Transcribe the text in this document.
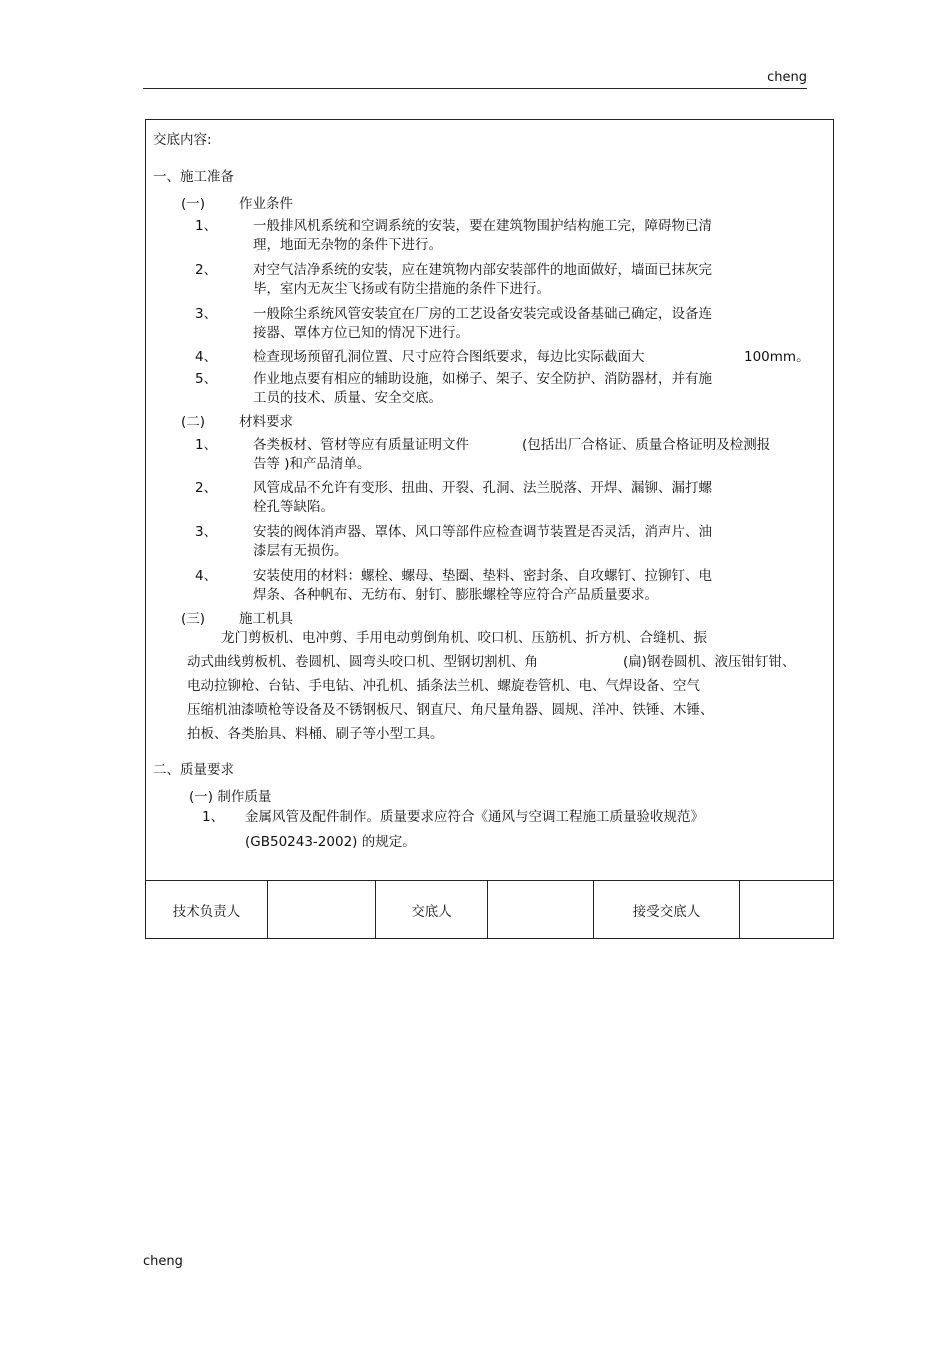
cheng
交底内容:
一、施工准备
(一)	作业条件
1、	一般排风机系统和空调系统的安装，要在建筑物围护结构施工完，障碍物已清
理，地面无杂物的条件下进行。
2、	对空气洁净系统的安装，应在建筑物内部安装部件的地面做好，墙面已抹灰完
毕，室内无灰尘飞扬或有防尘措施的条件下进行。
3、	一般除尘系统风管安装宜在厂房的工艺设备安装完或设备基础己确定，设备连
接器、罩体方位已知的情况下进行。
4、	检查现场预留孔洞位置、尺寸应符合图纸要求，每边比实际截面大	100mm。
5、	作业地点要有相应的辅助设施，如梯子、架子、安全防护、消防器材，并有施
工员的技术、质量、安全交底。
(二)	材料要求
1、	各类板材、管材等应有质量证明文件	(包括出厂合格证、质量合格证明及检测报
告等 )和产品清单。
2、	风管成品不允许有变形、扭曲、开裂、孔洞、法兰脱落、开焊、漏铆、漏打螺
栓孔等缺陷。
3、	安装的阀体消声器、罩体、风口等部件应检查调节装置是否灵活，消声片、油
漆层有无损伤。
4、	安装使用的材料：螺栓、螺母、垫圈、垫料、密封条、自攻螺钉、拉铆钉、电
焊条、各种帆布、无纺布、射钉、膨胀螺栓等应符合产品质量要求。
(三)	施工机具
龙门剪板机、电冲剪、手用电动剪倒角机、咬口机、压筋机、折方机、合缝机、振
动式曲线剪板机、卷圆机、圆弯头咬口机、型钢切割机、角	(扁)钢卷圆机、液压钳钉钳、
电动拉铆枪、台钻、手电钻、冲孔机、插条法兰机、螺旋卷管机、电、气焊设备、空气
压缩机油漆喷枪等设备及不锈钢板尺、钢直尺、角尺量角器、圆规、洋冲、铁锤、木锤、
拍板、各类胎具、料桶、刷子等小型工具。
二、质量要求
(一) 制作质量
1、 金属风管及配件制作。质量要求应符合《通风与空调工程施工质量验收规范》
(GB50243-2002) 的规定。
技术负责人	交底人	接受交底人
cheng
